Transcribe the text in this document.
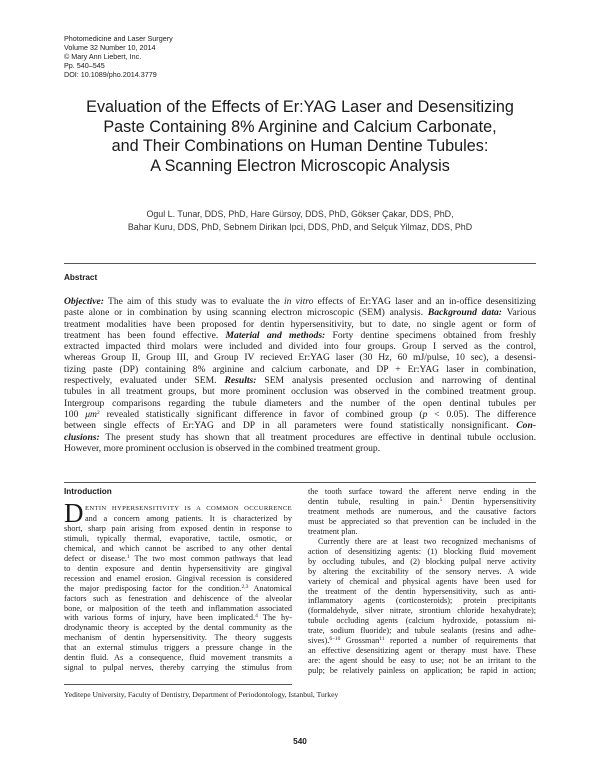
Photomedicine and Laser Surgery
Volume 32 Number 10, 2014
© Mary Ann Liebert, Inc.
Pp. 540–545
DOI: 10.1089/pho.2014.3779
Evaluation of the Effects of Er:YAG Laser and Desensitizing
Paste Containing 8% Arginine and Calcium Carbonate,
and Their Combinations on Human Dentine Tubules:
A Scanning Electron Microscopic Analysis
Ogul L. Tunar, DDS, PhD, Hare Gürsoy, DDS, PhD, Gökser Çakar, DDS, PhD,
Bahar Kuru, DDS, PhD, Sebnem Dirikan Ipci, DDS, PhD, and Selçuk Yilmaz, DDS, PhD
Abstract
Objective: The aim of this study was to evaluate the in vitro effects of Er:YAG laser and an in-office desensitizing
paste alone or in combination by using scanning electron microscopic (SEM) analysis. Background data: Various
treatment modalities have been proposed for dentin hypersensitivity, but to date, no single agent or form of
treatment has been found effective. Material and methods: Forty dentine specimens obtained from freshly
extracted impacted third molars were included and divided into four groups. Group I served as the control,
whereas Group II, Group III, and Group IV recieved Er:YAG laser (30 Hz, 60 mJ/pulse, 10 sec), a desensi-
tizing paste (DP) containing 8% arginine and calcium carbonate, and DP + Er:YAG laser in combination,
respectively, evaluated under SEM. Results: SEM analysis presented occlusion and narrowing of dentinal
tubules in all treatment groups, but more prominent occlusion was observed in the combined treatment group.
Intergroup comparisons regarding the tubule diameters and the number of the open dentinal tubules per
100 $\mu m^2$ revealed statistically significant difference in favor of combined group (p < 0.05). The difference
between single effects of Er:YAG and DP in all parameters were found statistically nonsignificant. Con-
clusions: The present study has shown that all treatment procedures are effective in dentinal tubule occlusion.
However, more prominent occlusion is observed in the combined treatment group.
Introduction
D ENTIN HYPERSENSITIVITY IS A COMMON OCCURRENCE
and a concern among patients. It is characterized by
short, sharp pain arising from exposed dentin in response to
stimuli, typically thermal, evaporative, tactile, osmotic, or
chemical, and which cannot be ascribed to any other dental
defect or disease.$^1$ The two most common pathways that lead
to dentin exposure and dentin hypersensitivity are gingival
recession and enamel erosion. Gingival recession is considered
the major predisposing factor for the condition.$^{2,3}$ Anatomical
factors such as fenestration and dehiscence of the alveolar
bone, or malposition of the teeth and inflammation associated
with various forms of injury, have been implicated.$^4$ The hy-
drodynamic theory is accepted by the dental community as the
mechanism of dentin hypersensitivity. The theory suggests
that an external stimulus triggers a pressure change in the
dentin fluid. As a consequence, fluid movement transmits a
signal to pulpal nerves, thereby carrying the stimulus from
the tooth surface toward the afferent nerve ending in the
dentin tubule, resulting in pain.$^5$ Dentin hypersensitivity
treatment methods are numerous, and the causative factors
must be appreciated so that prevention can be included in the
treatment plan.
Currently there are at least two recognized mechanisms of
action of desensitizing agents: (1) blocking fluid movement
by occluding tubules, and (2) blocking pulpal nerve activity
by altering the excitability of the sensory nerves. A wide
variety of chemical and physical agents have been used for
the treatment of the dentin hypersensitivity, such as anti-
inflammatory agents (corticosteroids); protein precipitants
(formaldehyde, silver nitrate, strontium chloride hexahydrate);
tubule occluding agents (calcium hydroxide, potassium ni-
trate, sodium fluoride); and tubule sealants (resins and adhe-
sives).$^{6-10}$ Grossman$^{11}$ reported a number of requirements that
an effective desensitizing agent or therapy must have. These
are: the agent should be easy to use; not be an irritant to the
pulp; be relatively painless on application; be rapid in action;
Yeditepe University, Faculty of Dentistry, Department of Periodontology, Istanbul, Turkey
540
